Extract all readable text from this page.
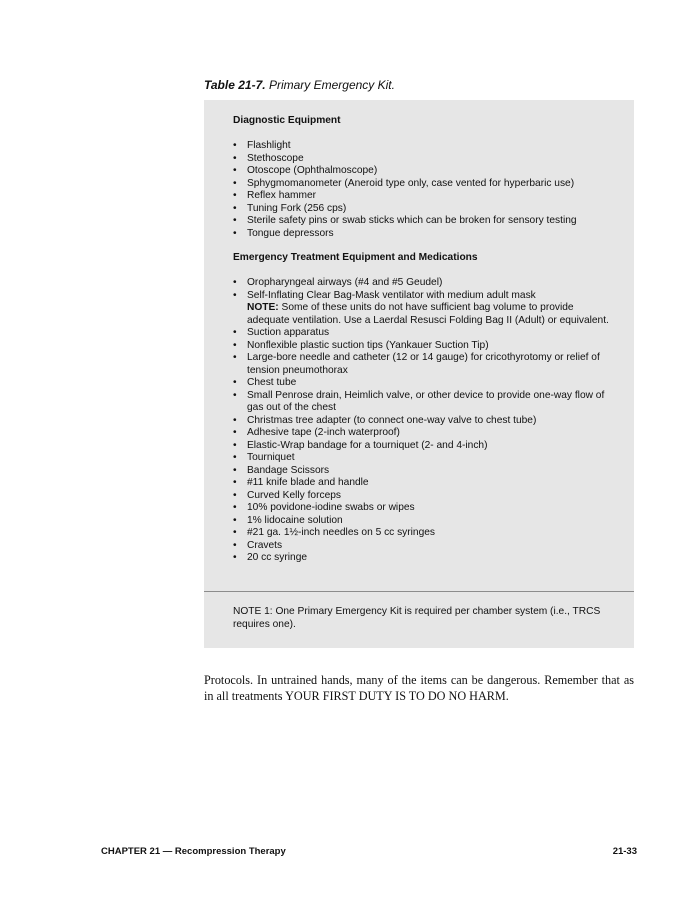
Table 21-7. Primary Emergency Kit.
Diagnostic Equipment
• Flashlight
• Stethoscope
• Otoscope (Ophthalmoscope)
• Sphygmomanometer (Aneroid type only, case vented for hyperbaric use)
• Reflex hammer
• Tuning Fork (256 cps)
• Sterile safety pins or swab sticks which can be broken for sensory testing
• Tongue depressors
Emergency Treatment Equipment and Medications
• Oropharyngeal airways (#4 and #5 Geudel)
• Self-Inflating Clear Bag-Mask ventilator with medium adult mask
NOTE: Some of these units do not have sufficient bag volume to provide adequate ventilation. Use a Laerdal Resusci Folding Bag II (Adult) or equivalent.
• Suction apparatus
• Nonflexible plastic suction tips (Yankauer Suction Tip)
• Large-bore needle and catheter (12 or 14 gauge) for cricothyrotomy or relief of tension pneumothorax
• Chest tube
• Small Penrose drain, Heimlich valve, or other device to provide one-way flow of gas out of the chest
• Christmas tree adapter (to connect one-way valve to chest tube)
• Adhesive tape (2-inch waterproof)
• Elastic-Wrap bandage for a tourniquet (2- and 4-inch)
• Tourniquet
• Bandage Scissors
• #11 knife blade and handle
• Curved Kelly forceps
• 10% povidone-iodine swabs or wipes
• 1% lidocaine solution
• #21 ga. 1½-inch needles on 5 cc syringes
• Cravets
• 20 cc syringe
NOTE 1: One Primary Emergency Kit is required per chamber system (i.e., TRCS requires one).
Protocols. In untrained hands, many of the items can be dangerous. Remember that as in all treatments YOUR FIRST DUTY IS TO DO NO HARM.
CHAPTER 21 — Recompression Therapy	21-33
